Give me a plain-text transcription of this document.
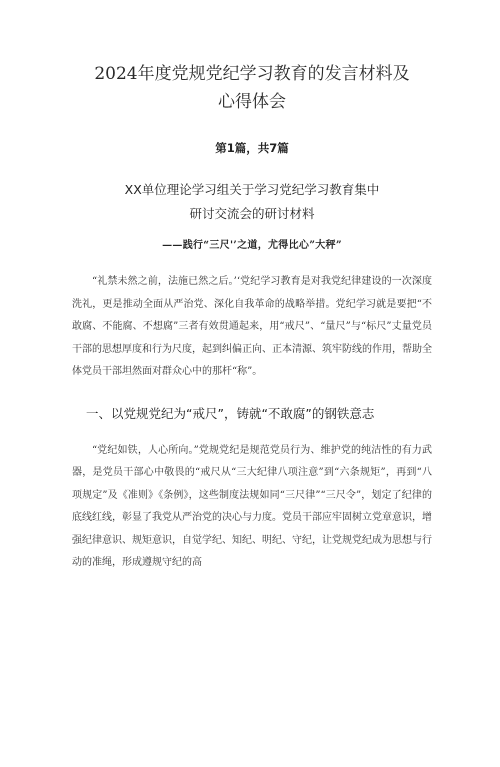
2024年度党规党纪学习教育的发言材料及
心得体会
第1篇，共7篇
XX单位理论学习组关于学习党纪学习教育集中
研讨交流会的研讨材料
——践行“三尺'’之道，尤得比心”大秤”

“礼禁未然之前，法施已然之后。’‘党纪学习教育是对我党纪律建设的一次深度洗礼，更是推动全面从严治党、深化自我革命的战略举措。党纪学习就是要把“不敢腐、不能腐、不想腐”三者有效贯通起来，用“戒尺”、“量尺”与“标尺”丈量党员干部的思想厚度和行为尺度，起到纠偏正向、正本清源、筑牢防线的作用，帮助全体党员干部坦然面对群众心中的那杆“称”。

一、以党规党纪为“戒尺”，铸就“不敢腐”的钢铁意志

“党纪如铁，人心所向。”党规党纪是规范党员行为、维护党的纯洁性的有力武器，是党员干部心中敬畏的“戒尺从“三大纪律八项注意”到“六条规矩”，再到“八项规定”及《准则》《条例》，这些制度法规如同“三尺律”“三尺令”，划定了纪律的底线红线，彰显了我党从严治党的决心与力度。党员干部应牢固树立党章意识，增强纪律意识、规矩意识，自觉学纪、知纪、明纪、守纪，让党规党纪成为思想与行动的准绳，形成遵规守纪的高
